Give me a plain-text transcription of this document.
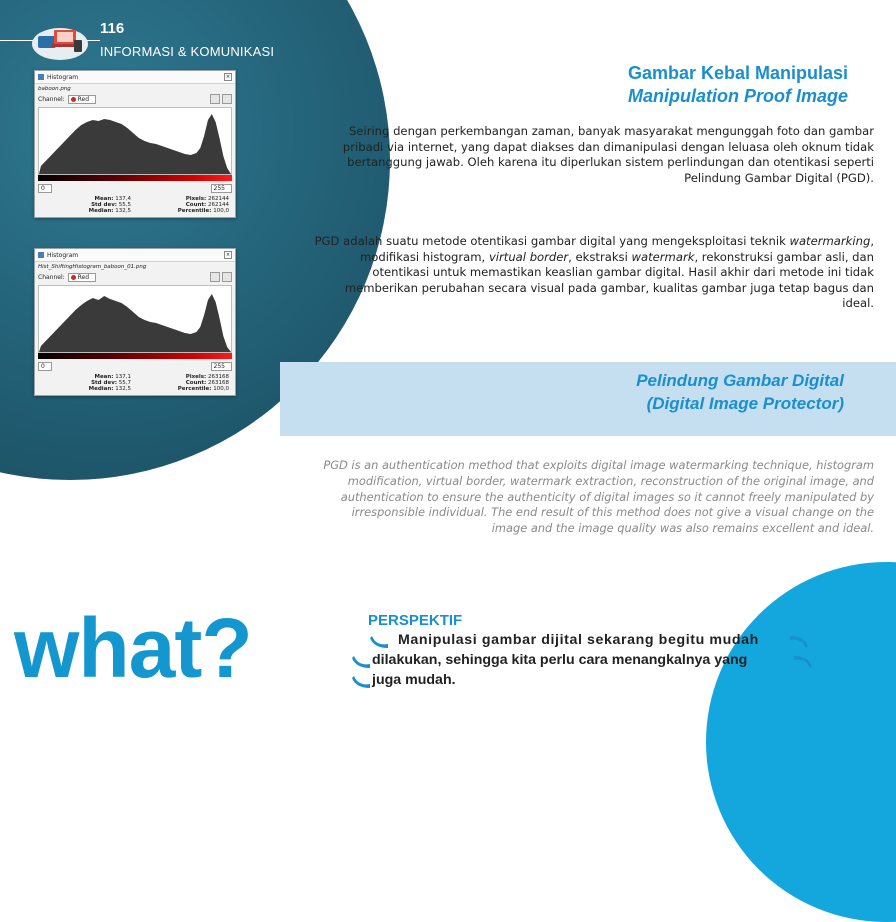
116
INFORMASI & KOMUNIKASI
Histogram	×
baboon.png
Channel: Red
0	255
Mean: 137,4	Pixels: 262144
Std dev: 55,5	Count: 262144
Median: 132,5	Percentile: 100,0
Histogram	×
Hist_ShiftingHistogram_baboon_01.png
Channel: Red
0	255
Mean: 137,1	Pixels: 263168
Std dev: 55,7	Count: 263168
Median: 132,5	Percentile: 100,0
Gambar Kebal Manipulasi
Manipulation Proof Image

Seiring dengan perkembangan zaman, banyak masyarakat mengunggah foto dan gambar pribadi via internet, yang dapat diakses dan dimanipulasi dengan leluasa oleh oknum tidak bertanggung jawab. Oleh karena itu diperlukan sistem perlindungan dan otentikasi seperti Pelindung Gambar Digital (PGD).

PGD adalah suatu metode otentikasi gambar digital yang mengeksploitasi teknik watermarking, modifikasi histogram, virtual border, ekstraksi watermark, rekonstruksi gambar asli, dan otentikasi untuk memastikan keaslian gambar digital. Hasil akhir dari metode ini tidak memberikan perubahan secara visual pada gambar, kualitas gambar juga tetap bagus dan ideal.

Pelindung Gambar Digital
(Digital Image Protector)

PGD is an authentication method that exploits digital image watermarking technique, histogram modification, virtual border, watermark extraction, reconstruction of the original image, and authentication to ensure the authenticity of digital images so it cannot freely manipulated by irresponsible individual. The end result of this method does not give a visual change on the image and the image quality was also remains excellent and ideal.

what?	PERSPEKTIF
Manipulasi gambar dijital sekarang begitu mudah
dilakukan, sehingga kita perlu cara menangkalnya yang
juga mudah.
